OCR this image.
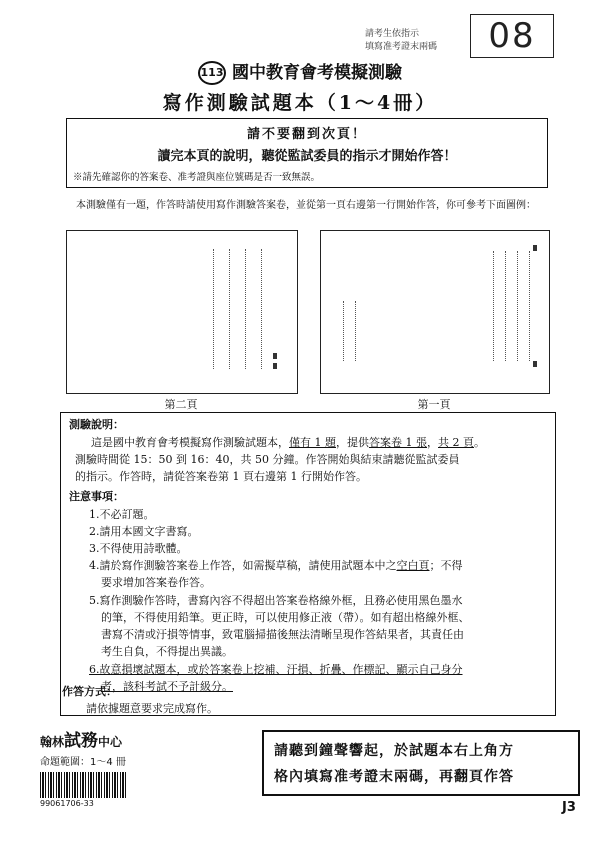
請考生依指示
填寫准考證末兩碼	08
113 國中教育會考模擬測驗
寫作測驗試題本（1～4冊）
請不要翻到次頁！
讀完本頁的說明，聽從監試委員的指示才開始作答！
※請先確認你的答案卷、准考證與座位號碼是否一致無誤。
本測驗僅有一題，作答時請使用寫作測驗答案卷，並從第一頁右邊第一行開始作答，你可參考下面圖例：
第二頁	第一頁
測驗說明：
這是國中教育會考模擬寫作測驗試題本，僅有 1 題，提供答案卷 1 張，共 2 頁。
測驗時間從 15：50 到 16：40，共 50 分鐘。作答開始與結束請聽從監試委員
的指示。作答時，請從答案卷第 1 頁右邊第 1 行開始作答。
注意事項：
1.不必訂題。
2.請用本國文字書寫。
3.不得使用詩歌體。
4.請於寫作測驗答案卷上作答，如需擬草稿，請使用試題本中之空白頁；不得
要求增加答案卷作答。
5.寫作測驗作答時，書寫內容不得超出答案卷格線外框，且務必使用黑色墨水
的筆，不得使用鉛筆。更正時，可以使用修正液（帶）。如有超出格線外框、
書寫不清或汙損等情事，致電腦掃描後無法清晰呈現作答結果者，其責任由
考生自負，不得提出異議。
6.故意損壞試題本，或於答案卷上挖補、汙損、折疊、作標記、顯示自己身分
者，該科考試不予計級分。
作答方式：
請依據題意要求完成寫作。
翰林試務中心
命題範圍：1～4 冊
99061706-33
請聽到鐘聲響起，於試題本右上角方
格內填寫准考證末兩碼，再翻頁作答
J3
